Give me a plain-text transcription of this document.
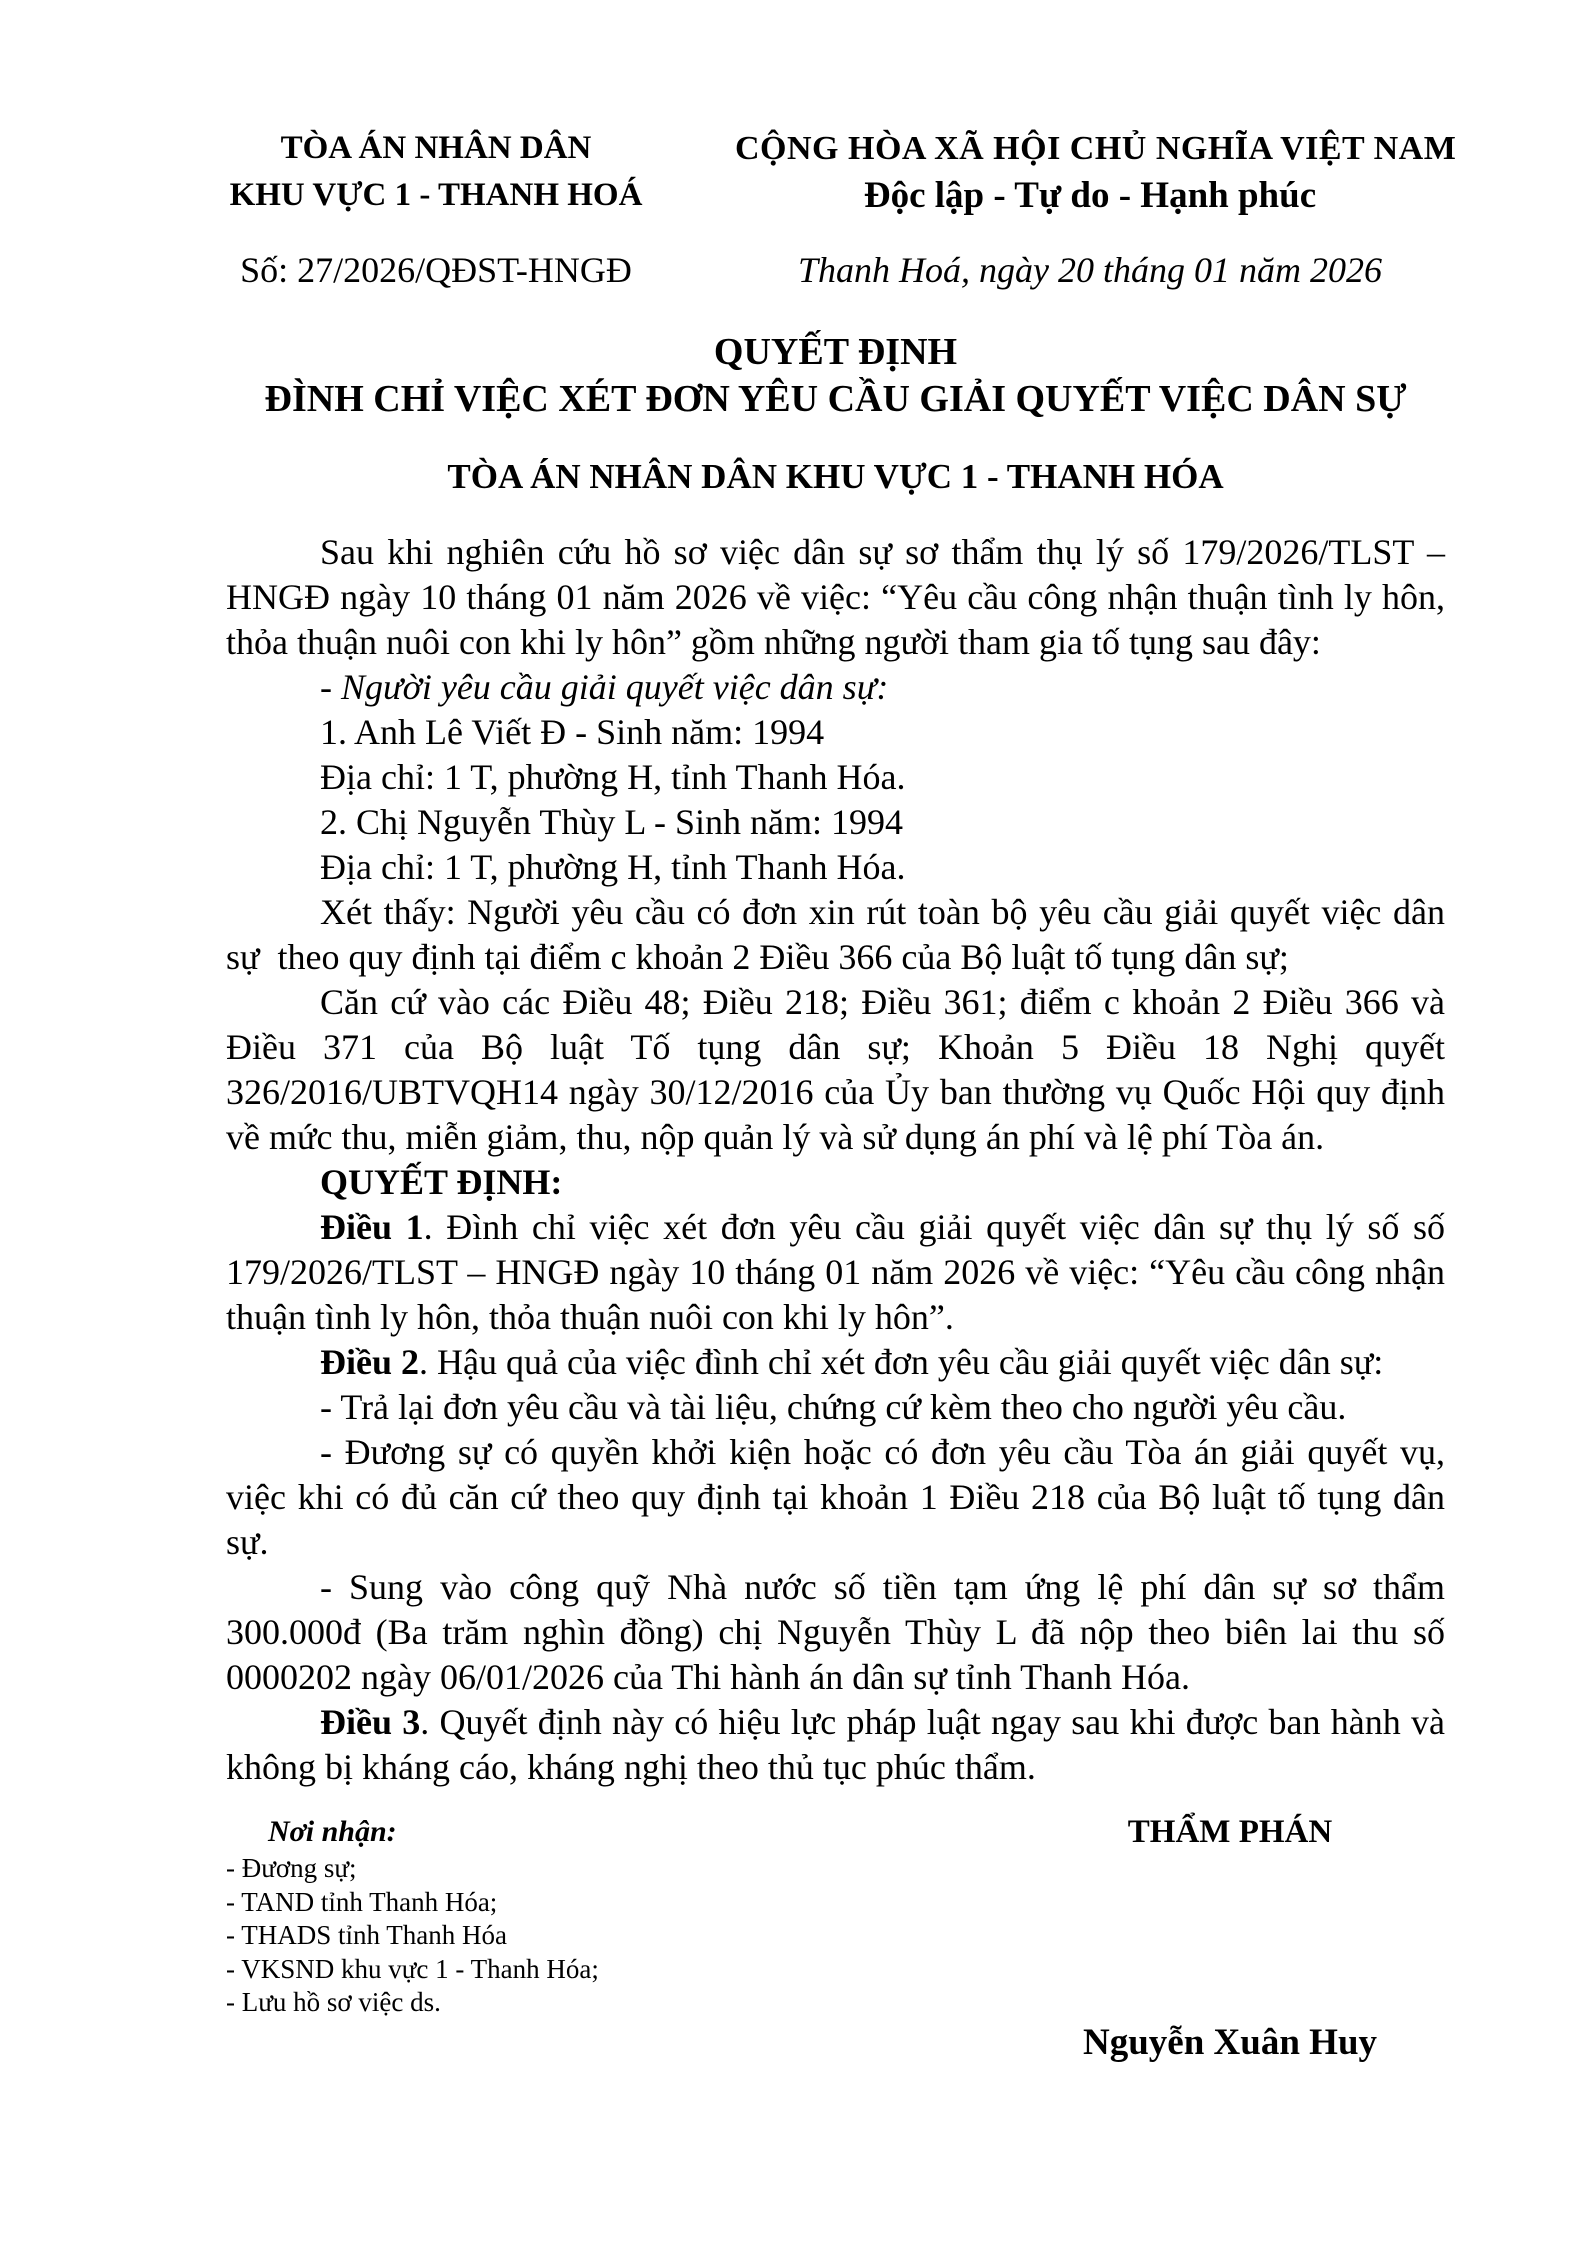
TÒA ÁN NHÂN DÂN
KHU VỰC 1 - THANH HOÁ
Số: 27/2026/QĐST-HNGĐ
CỘNG HÒA XÃ HỘI CHỦ NGHĨA VIỆT NAM
Độc lập - Tự do - Hạnh phúc
Thanh Hoá, ngày 20 tháng 01 năm 2026
QUYẾT ĐỊNH
ĐÌNH CHỈ VIỆC XÉT ĐƠN YÊU CẦU GIẢI QUYẾT VIỆC DÂN SỰ
TÒA ÁN NHÂN DÂN KHU VỰC 1 - THANH HÓA

Sau khi nghiên cứu hồ sơ việc dân sự sơ thẩm thụ lý số 179/2026/TLST – HNGĐ ngày 10 tháng 01 năm 2026 về việc: “Yêu cầu công nhận thuận tình ly hôn, thỏa thuận nuôi con khi ly hôn” gồm những người tham gia tố tụng sau đây:

- Người yêu cầu giải quyết việc dân sự:

1. Anh Lê Viết Đ - Sinh năm: 1994

Địa chỉ: 1 T, phường H, tỉnh Thanh Hóa.

2. Chị Nguyễn Thùy L - Sinh năm: 1994

Địa chỉ: 1 T, phường H, tỉnh Thanh Hóa.

Xét thấy: Người yêu cầu có đơn xin rút toàn bộ yêu cầu giải quyết việc dân sự  theo quy định tại điểm c khoản 2 Điều 366 của Bộ luật tố tụng dân sự;

Căn cứ vào các Điều 48; Điều 218; Điều 361; điểm c khoản 2 Điều 366 và Điều 371 của Bộ luật Tố tụng dân sự; Khoản 5 Điều 18 Nghị quyết 326/2016/UBTVQH14 ngày 30/12/2016 của Ủy ban thường vụ Quốc Hội quy định về mức thu, miễn giảm, thu, nộp quản lý và sử dụng án phí và lệ phí Tòa án.

QUYẾT ĐỊNH:

Điều 1. Đình chỉ việc xét đơn yêu cầu giải quyết việc dân sự thụ lý số số 179/2026/TLST – HNGĐ ngày 10 tháng 01 năm 2026 về việc: “Yêu cầu công nhận thuận tình ly hôn, thỏa thuận nuôi con khi ly hôn”.

Điều 2. Hậu quả của việc đình chỉ xét đơn yêu cầu giải quyết việc dân sự:

- Trả lại đơn yêu cầu và tài liệu, chứng cứ kèm theo cho người yêu cầu.

- Đương sự có quyền khởi kiện hoặc có đơn yêu cầu Tòa án giải quyết vụ, việc khi có đủ căn cứ theo quy định tại khoản 1 Điều 218 của Bộ luật tố tụng dân sự.

- Sung vào công quỹ Nhà nước số tiền tạm ứng lệ phí dân sự sơ thẩm 300.000đ (Ba trăm nghìn đồng) chị Nguyễn Thùy L đã nộp theo biên lai thu số 0000202 ngày 06/01/2026 của Thi hành án dân sự tỉnh Thanh Hóa.

Điều 3. Quyết định này có hiệu lực pháp luật ngay sau khi được ban hành và không bị kháng cáo, kháng nghị theo thủ tục phúc thẩm.

Nơi nhận:
- Đương sự;
- TAND tỉnh Thanh Hóa;
- THADS tỉnh Thanh Hóa
- VKSND khu vực 1 - Thanh Hóa;
- Lưu hồ sơ việc ds.
THẨM PHÁN
Nguyễn Xuân Huy
